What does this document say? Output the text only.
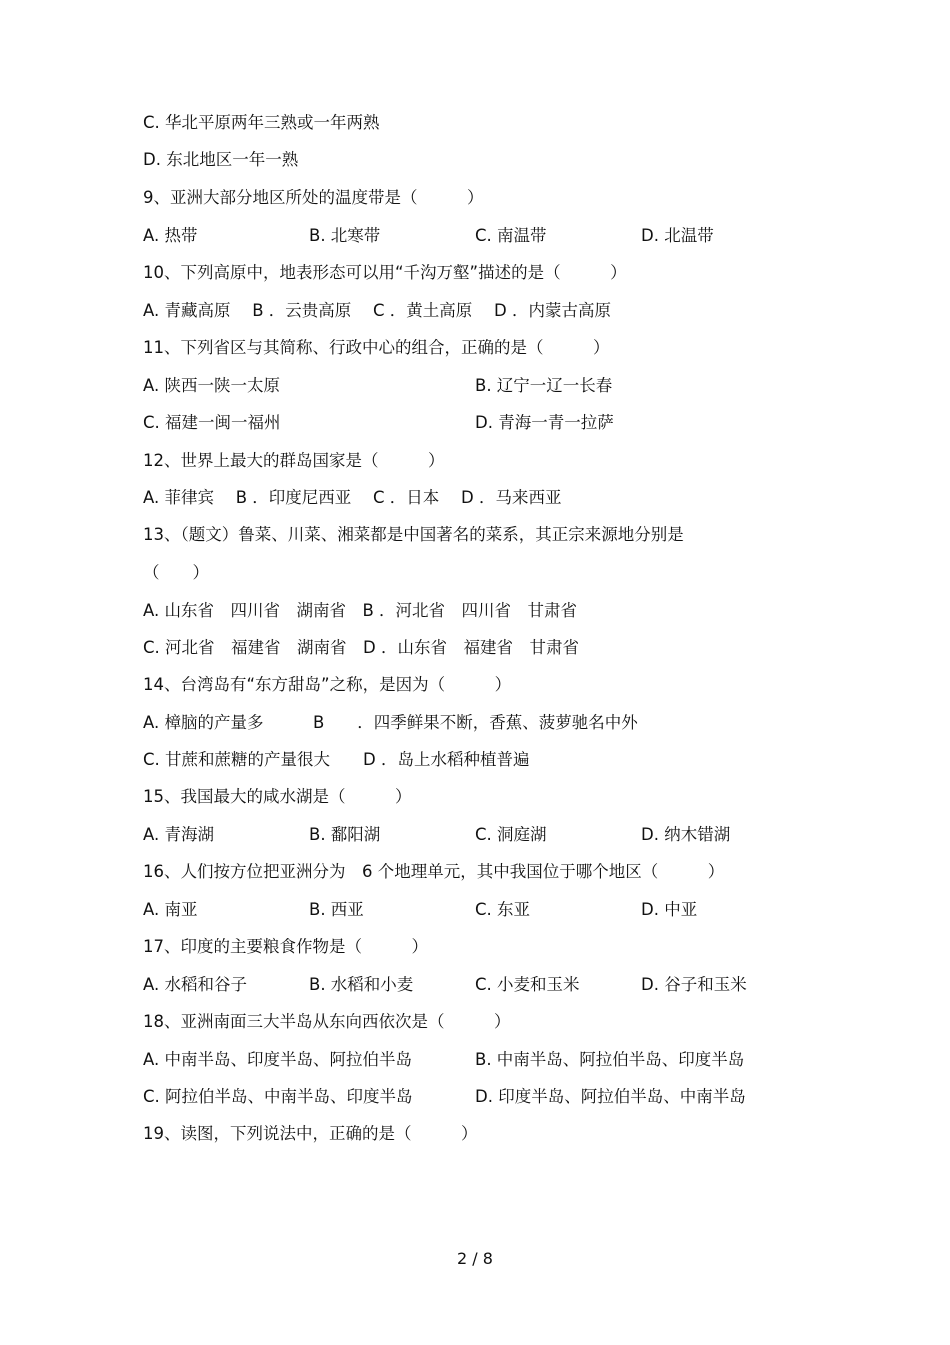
C. 华北平原两年三熟或一年两熟
D. 东北地区一年一熟
9、亚洲大部分地区所处的温度带是（　　　）
A. 热带	B. 北寒带	C. 南温带	D. 北温带
10、下列高原中，地表形态可以用“千沟万壑”描述的是（　　　）
A. 青藏高原　 B ．云贵高原　 C ．黄土高原　 D ．内蒙古高原
11、下列省区与其简称、行政中心的组合，正确的是（　　　）
A. 陕西一陕一太原	B. 辽宁一辽一长春
C. 福建一闽一福州	D. 青海一青一拉萨
12、世界上最大的群岛国家是（　　　）
A. 菲律宾　 B ．印度尼西亚　 C ．日本　 D ．马来西亚
13、（题文）鲁菜、川菜、湘菜都是中国著名的菜系，其正宗来源地分别是
（　　）
A. 山东省　四川省　湖南省　B ．河北省　四川省　甘肃省
C. 河北省　福建省　湖南省　D ．山东省　福建省　甘肃省
14、台湾岛有“东方甜岛”之称，是因为（　　　）
A. 樟脑的产量多　　　B　　．四季鲜果不断，香蕉、菠萝驰名中外
C. 甘蔗和蔗糖的产量很大　　D ．岛上水稻种植普遍
15、我国最大的咸水湖是（　　　）
A. 青海湖	B. 鄱阳湖	C. 洞庭湖	D. 纳木错湖
16、人们按方位把亚洲分为　6 个地理单元，其中我国位于哪个地区（　　　）
A. 南亚	B. 西亚	C. 东亚	D. 中亚
17、印度的主要粮食作物是（　　　）
A. 水稻和谷子	B. 水稻和小麦	C. 小麦和玉米	D. 谷子和玉米
18、亚洲南面三大半岛从东向西依次是（　　　）
A. 中南半岛、印度半岛、阿拉伯半岛	B. 中南半岛、阿拉伯半岛、印度半岛
C. 阿拉伯半岛、中南半岛、印度半岛	D. 印度半岛、阿拉伯半岛、中南半岛
19、读图，下列说法中，正确的是（　　　）
2 / 8
